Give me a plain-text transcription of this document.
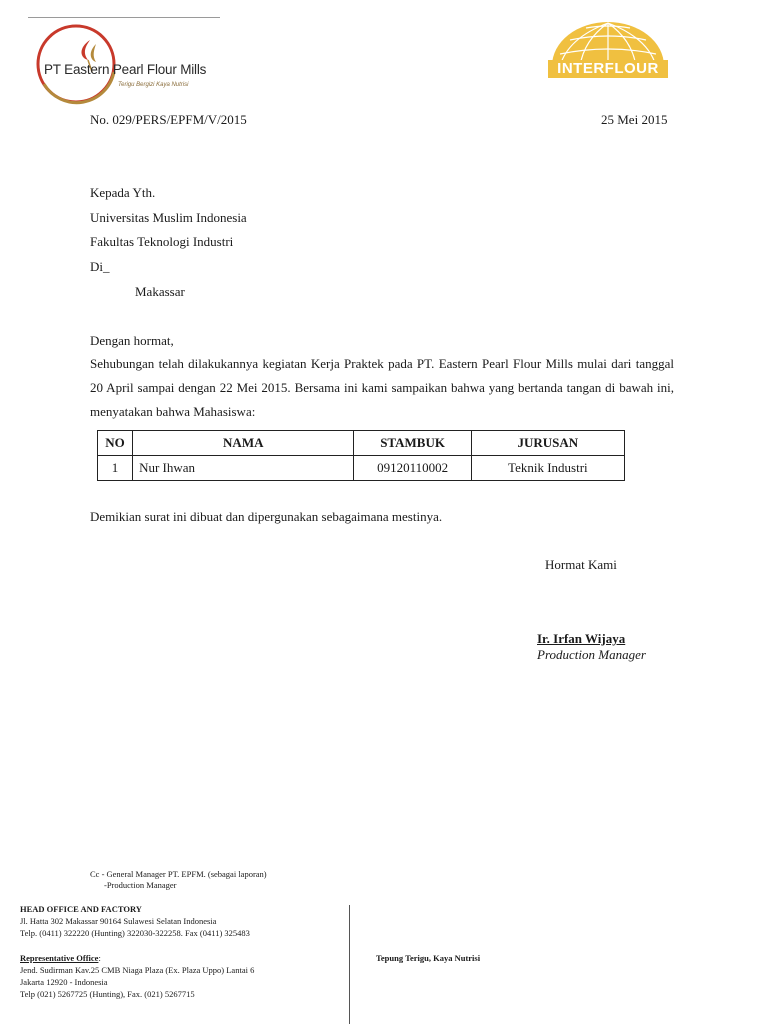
PT Eastern Pearl Flour Mills
Terigu Bergizi Kaya Nutrisi
INTERFLOUR
No. 029/PERS/EPFM/V/2015	25 Mei 2015
Kepada Yth.
Universitas Muslim Indonesia
Fakultas Teknologi Industri
Di_
Makassar
Dengan hormat,
Sehubungan telah dilakukannya kegiatan Kerja Praktek pada PT. Eastern Pearl Flour Mills mulai dari tanggal 20 April sampai dengan 22 Mei 2015. Bersama ini kami sampaikan bahwa yang bertanda tangan di bawah ini, menyatakan bahwa Mahasiswa:
NO	NAMA	STAMBUK	JURUSAN
1	Nur Ihwan	09120110002	Teknik Industri
Demikian surat ini dibuat dan dipergunakan sebagaimana mestinya.
Hormat Kami
Ir. Irfan Wijaya
Production Manager
Cc - General Manager PT. EPFM. (sebagai laporan)
-Production Manager
HEAD OFFICE AND FACTORY
Jl. Hatta 302 Makassar 90164 Sulawesi Selatan Indonesia
Telp. (0411) 322220 (Hunting) 322030-322258. Fax (0411) 325483
Representative Office:
Jend. Sudirman Kav.25 CMB Niaga Plaza (Ex. Plaza Uppo) Lantai 6
Jakarta 12920 - Indonesia
Telp (021) 5267725 (Hunting), Fax. (021) 5267715
Tepung Terigu, Kaya Nutrisi
